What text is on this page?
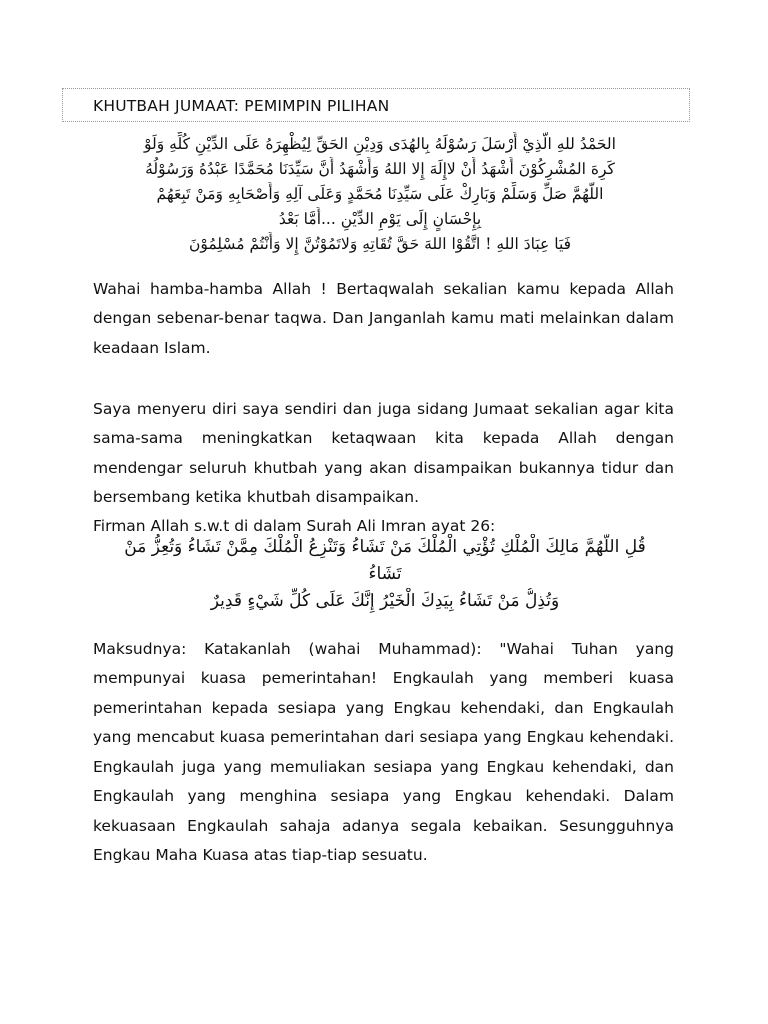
KHUTBAH JUMAAT: PEMIMPIN PILIHAN
الحَمْدُ للهِ الَّذِيْ أَرْسَلَ رَسُوْلَهُ بِالهُدَى وَدِيْنِ الحَقِّ لِيُظْهِرَهُ عَلَى الدِّيْنِ كُلِّهِ وَلَوْ
كَرِهَ المُشْرِكُوْنَ أَشْهَدُ أَنْ لاإِلَهَ إِلا اللهُ وَأَشْهَدُ أَنَّ سَيِّدَنَا مُحَمَّدًا عَبْدُهُ وَرَسُوْلُهُ
اللَّهُمَّ صَلِّ وَسَلِّمْ وَبَارِكْ عَلَى سَيِّدِنَا مُحَمَّدٍ وَعَلَى آلِهِ وَأَصْحَابِهِ وَمَنْ تَبِعَهُمْ
بِإِحْسَانٍ إِلَى يَوْمِ الدِّيْنِ ...أَمَّا بَعْدُ
فَيَا عِبَادَ اللهِ ! اتَّقُوْا اللهَ حَقَّ تُقَاتِهِ وَلاتَمُوْتُنَّ إِلا وَأَنْتُمْ مُسْلِمُوْنَ

Wahai hamba-hamba Allah ! Bertaqwalah sekalian kamu kepada Allah dengan sebenar-benar taqwa. Dan Janganlah kamu mati melainkan dalam keadaan Islam.

Saya menyeru diri saya sendiri dan juga sidang Jumaat sekalian agar kita sama-sama meningkatkan ketaqwaan kita kepada Allah dengan mendengar seluruh khutbah yang akan disampaikan bukannya tidur dan bersembang ketika khutbah disampaikan.

Firman Allah s.w.t di dalam Surah Ali Imran ayat 26:

قُلِ اللَّهُمَّ مَالِكَ الْمُلْكِ تُؤْتِي الْمُلْكَ مَنْ تَشَاءُ وَتَنْزِعُ الْمُلْكَ مِمَّنْ تَشَاءُ وَتُعِزُّ مَنْ
تَشَاءُ
وَتُذِلُّ مَنْ تَشَاءُ بِيَدِكَ الْخَيْرُ إِنَّكَ عَلَى كُلِّ شَيْءٍ قَدِيرٌ

Maksudnya: Katakanlah (wahai Muhammad): "Wahai Tuhan yang mempunyai kuasa pemerintahan! Engkaulah yang memberi kuasa pemerintahan kepada sesiapa yang Engkau kehendaki, dan Engkaulah yang mencabut kuasa pemerintahan dari sesiapa yang Engkau kehendaki. Engkaulah juga yang memuliakan sesiapa yang Engkau kehendaki, dan Engkaulah yang menghina sesiapa yang Engkau kehendaki. Dalam kekuasaan Engkaulah sahaja adanya segala kebaikan. Sesungguhnya Engkau Maha Kuasa atas tiap-tiap sesuatu.
